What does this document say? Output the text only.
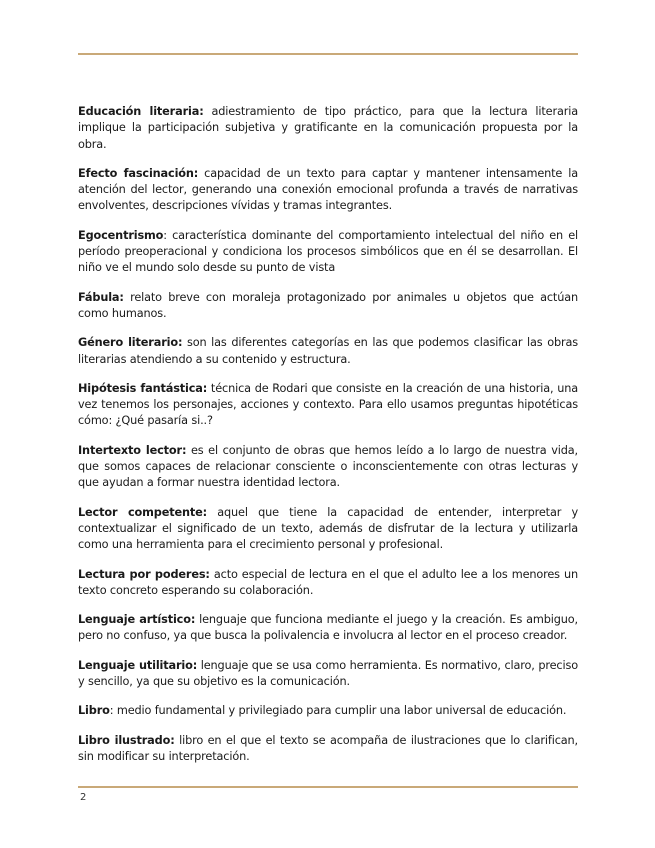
Educación literaria: adiestramiento de tipo práctico, para que la lectura literaria implique la participación subjetiva y gratificante en la comunicación propuesta por la obra.

Efecto fascinación: capacidad de un texto para captar y mantener intensamente la atención del lector, generando una conexión emocional profunda a través de narrativas envolventes, descripciones vívidas y tramas integrantes.

Egocentrismo: característica dominante del comportamiento intelectual del niño en el período preoperacional y condiciona los procesos simbólicos que en él se desarrollan. El niño ve el mundo solo desde su punto de vista

Fábula: relato breve con moraleja protagonizado por animales u objetos que actúan como humanos.

Género literario: son las diferentes categorías en las que podemos clasificar las obras literarias atendiendo a su contenido y estructura.

Hipótesis fantástica: técnica de Rodari que consiste en la creación de una historia, una vez tenemos los personajes, acciones y contexto. Para ello usamos preguntas hipotéticas cómo: ¿Qué pasaría si..?

Intertexto lector: es el conjunto de obras que hemos leído a lo largo de nuestra vida, que somos capaces de relacionar consciente o inconscientemente con otras lecturas y que ayudan a formar nuestra identidad lectora.

Lector competente: aquel que tiene la capacidad de entender, interpretar y contextualizar el significado de un texto, además de disfrutar de la lectura y utilizarla como una herramienta para el crecimiento personal y profesional.

Lectura por poderes: acto especial de lectura en el que el adulto lee a los menores un texto concreto esperando su colaboración.

Lenguaje artístico: lenguaje que funciona mediante el juego y la creación. Es ambiguo, pero no confuso, ya que busca la polivalencia e involucra al lector en el proceso creador.

Lenguaje utilitario: lenguaje que se usa como herramienta. Es normativo, claro, preciso y sencillo, ya que su objetivo es la comunicación.

Libro: medio fundamental y privilegiado para cumplir una labor universal de educación.

Libro ilustrado: libro en el que el texto se acompaña de ilustraciones que lo clarifican, sin modificar su interpretación.

2
